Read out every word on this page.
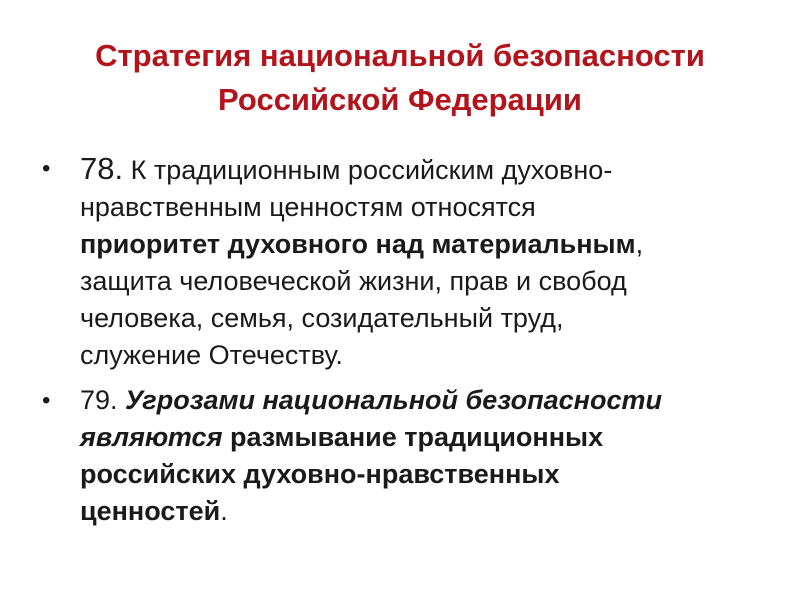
Стратегия национальной безопасности
Российской Федерации
• 78. К традиционным российским духовно-
нравственным ценностям относятся
приоритет духовного над материальным,
защита человеческой жизни, прав и свобод
человека, семья, созидательный труд,
служение Отечеству.
• 79. Угрозами национальной безопасности
являются размывание традиционных
российских духовно-нравственных
ценностей.
